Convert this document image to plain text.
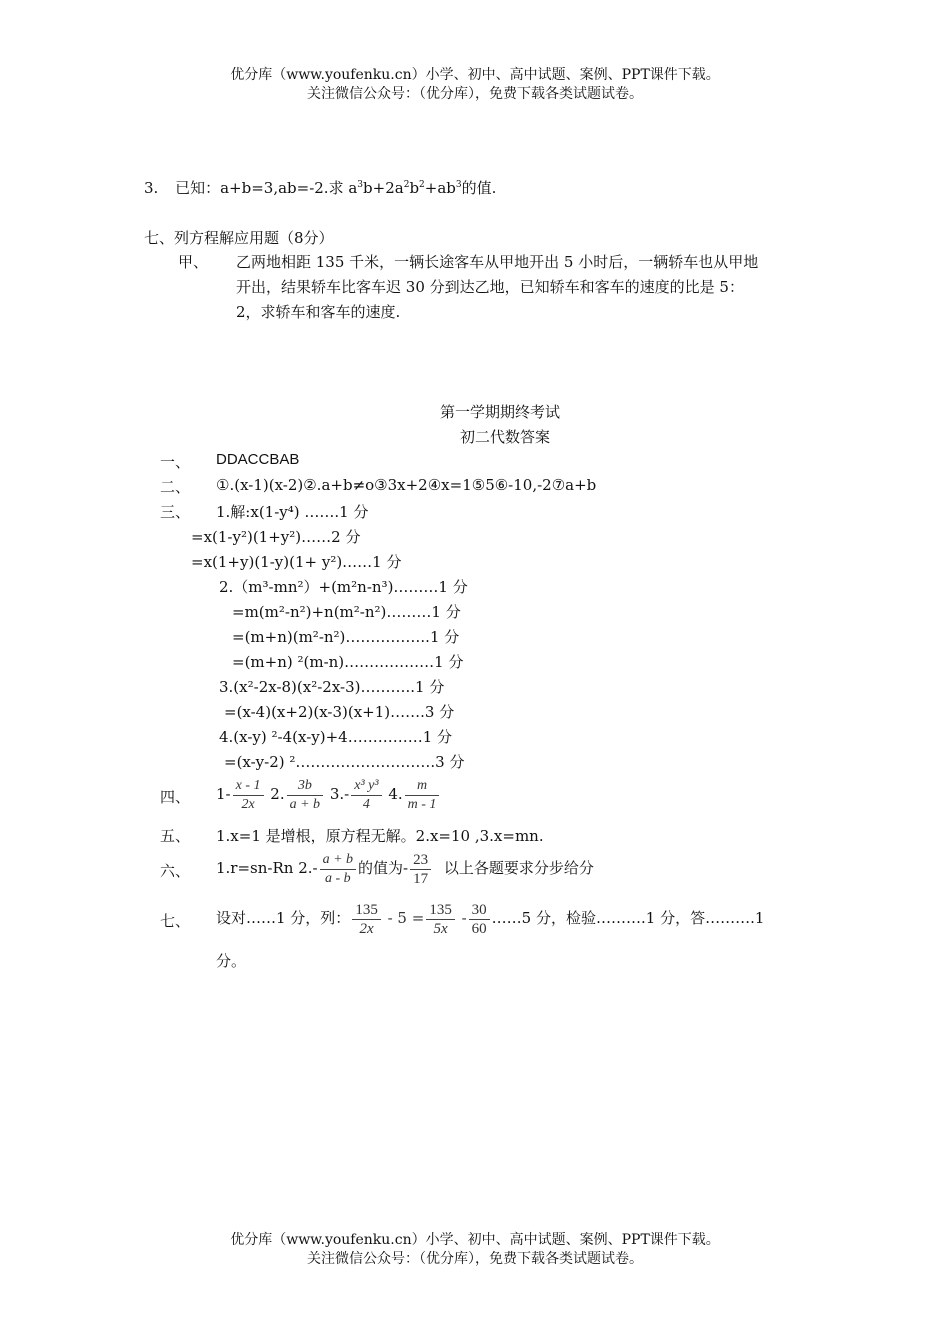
优分库（www.youfenku.cn）小学、初中、高中试题、案例、PPT课件下载。
关注微信公众号：（优分库），免费下载各类试题试卷。
3. 已知：a+b=3,ab=-2.求 $a^3b+2a^2b^2+ab^3$的值.
七、列方程解应用题（8分）
甲、 乙两地相距 135 千米，一辆长途客车从甲地开出 5 小时后，一辆轿车也从甲地
开出，结果轿车比客车迟 30 分到达乙地，已知轿车和客车的速度的比是 5：
2，求轿车和客车的速度.
第一学期期终考试
初二代数答案
一、 DDACCBAB
二、 ①.(x-1)(x-2)②.a+b≠o③3x+2④x=1⑤5⑥-10,-2⑦a+b
三、 1.解:x(1-y⁴) …….1 分
=x(1-y²)(1+y²)……2 分
=x(1+y)(1-y)(1+ y²)……1 分
2.（m³-mn²）+(m²n-n³)………1 分
=m(m²-n²)+n(m²-n²)………1 分
=(m+n)(m²-n²)……………..1 分
=(m+n) ²(m-n)………………1 分
3.(x²-2x-8)(x²-2x-3)………..1 分
=(x-4)(x+2)(x-3)(x+1)…….3 分
4.(x-y) ²-4(x-y)+4……………1 分
=(x-y-2) ²……………………….3 分
四、 $1- \frac{x - 1}{2x} 2$. $\frac{3b}{a + b} 3.- \frac{\text{x³ y³}}{4} 4$. $\frac{m}{m - 1}$
五、 1.x=1 是增根，原方程无解。2.x=10 ,3.x=mn.
六、 1.r=sn-Rn $2.- \frac{a + b}{a - b}$ 的值为- $\frac{23}{17}$ 以上各题要求分步给分
七、 设对……1 分，列： $\frac{135}{2x} - 5 = \frac{135}{5x} - \frac{30}{60}$ ……5 分，检验……….1 分，答……….1
分。
优分库（www.youfenku.cn）小学、初中、高中试题、案例、PPT课件下载。
关注微信公众号：（优分库），免费下载各类试题试卷。
